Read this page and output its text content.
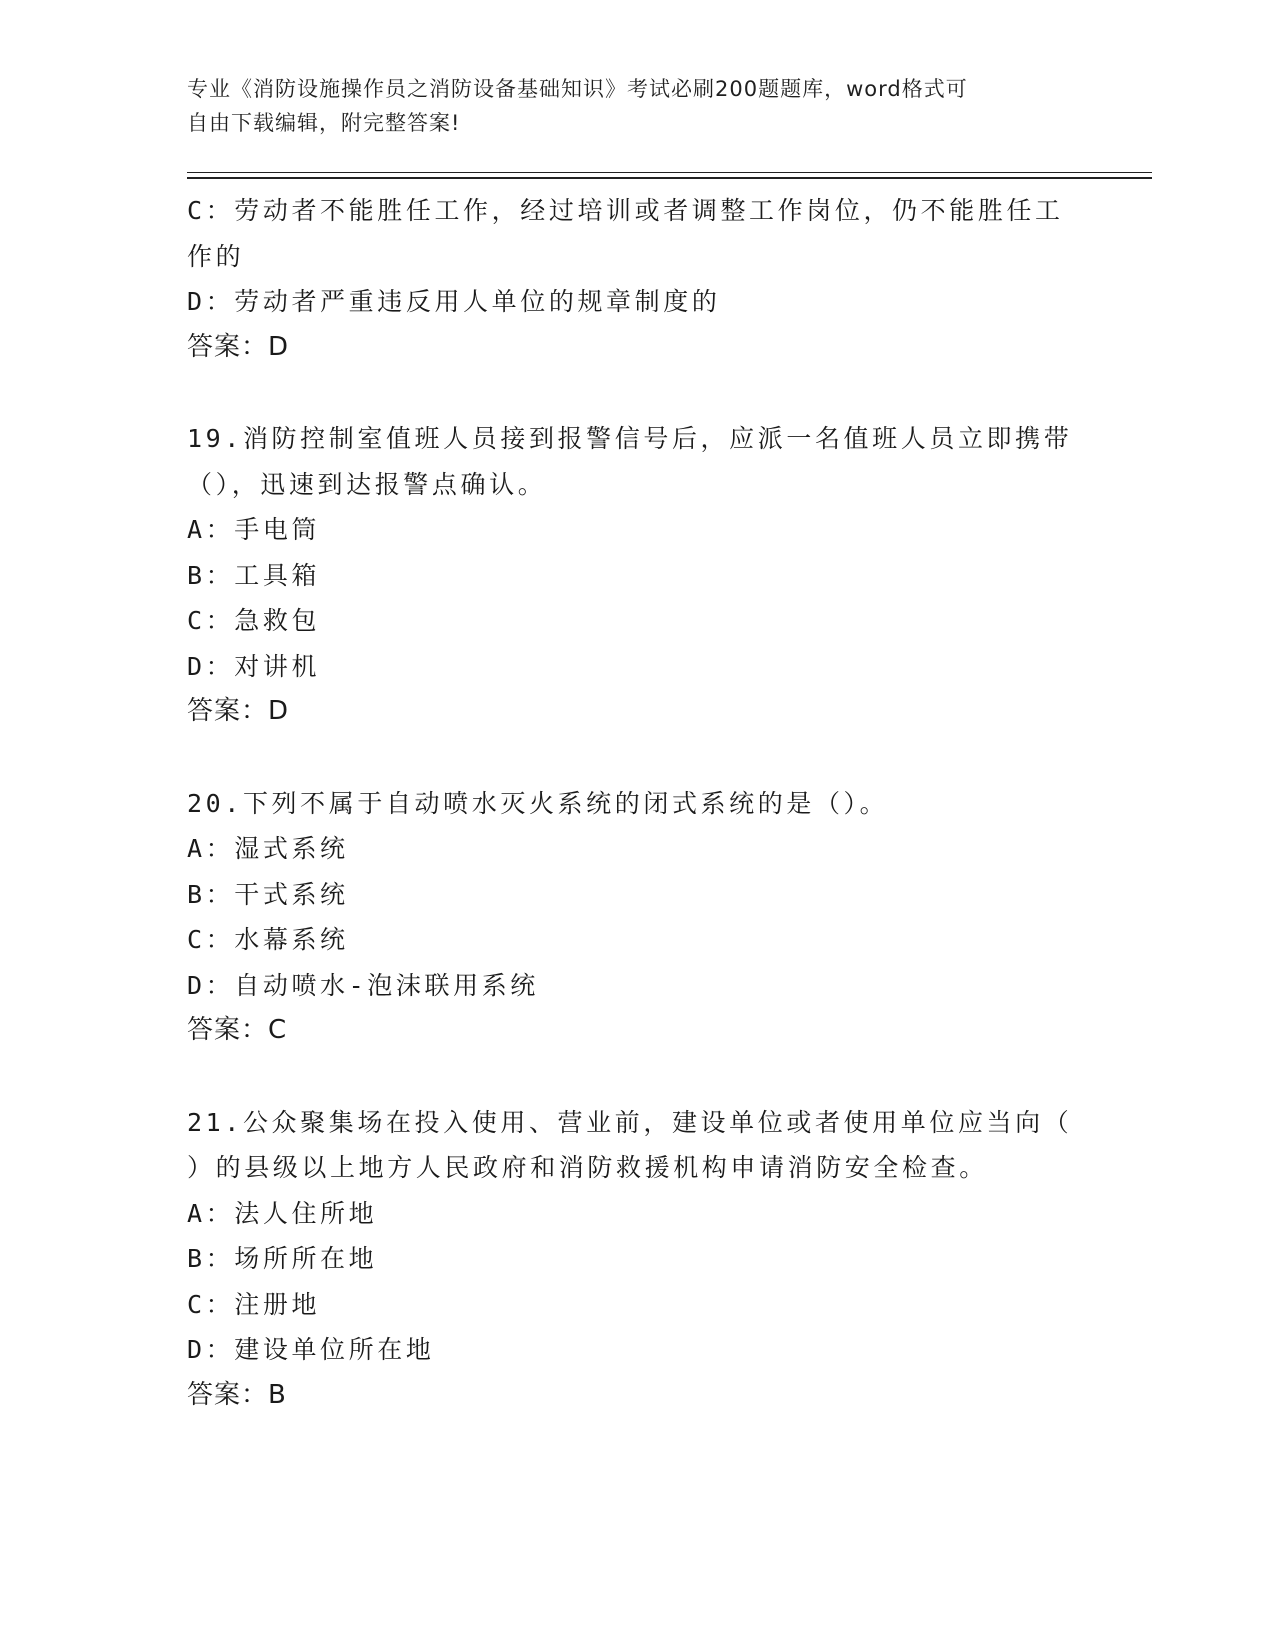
专业《消防设施操作员之消防设备基础知识》考试必刷200题题库，word格式可
自由下载编辑，附完整答案!
C：劳动者不能胜任工作，经过培训或者调整工作岗位，仍不能胜任工
作的
D：劳动者严重违反用人单位的规章制度的
答案：D
19.消防控制室值班人员接到报警信号后，应派一名值班人员立即携带
（），迅速到达报警点确认。
A：手电筒
B：工具箱
C：急救包
D：对讲机
答案：D
20.下列不属于自动喷水灭火系统的闭式系统的是（）。
A：湿式系统
B：干式系统
C：水幕系统
D：自动喷水-泡沫联用系统
答案：C
21.公众聚集场在投入使用、营业前，建设单位或者使用单位应当向（
）的县级以上地方人民政府和消防救援机构申请消防安全检查。
A：法人住所地
B：场所所在地
C：注册地
D：建设单位所在地
答案：B
